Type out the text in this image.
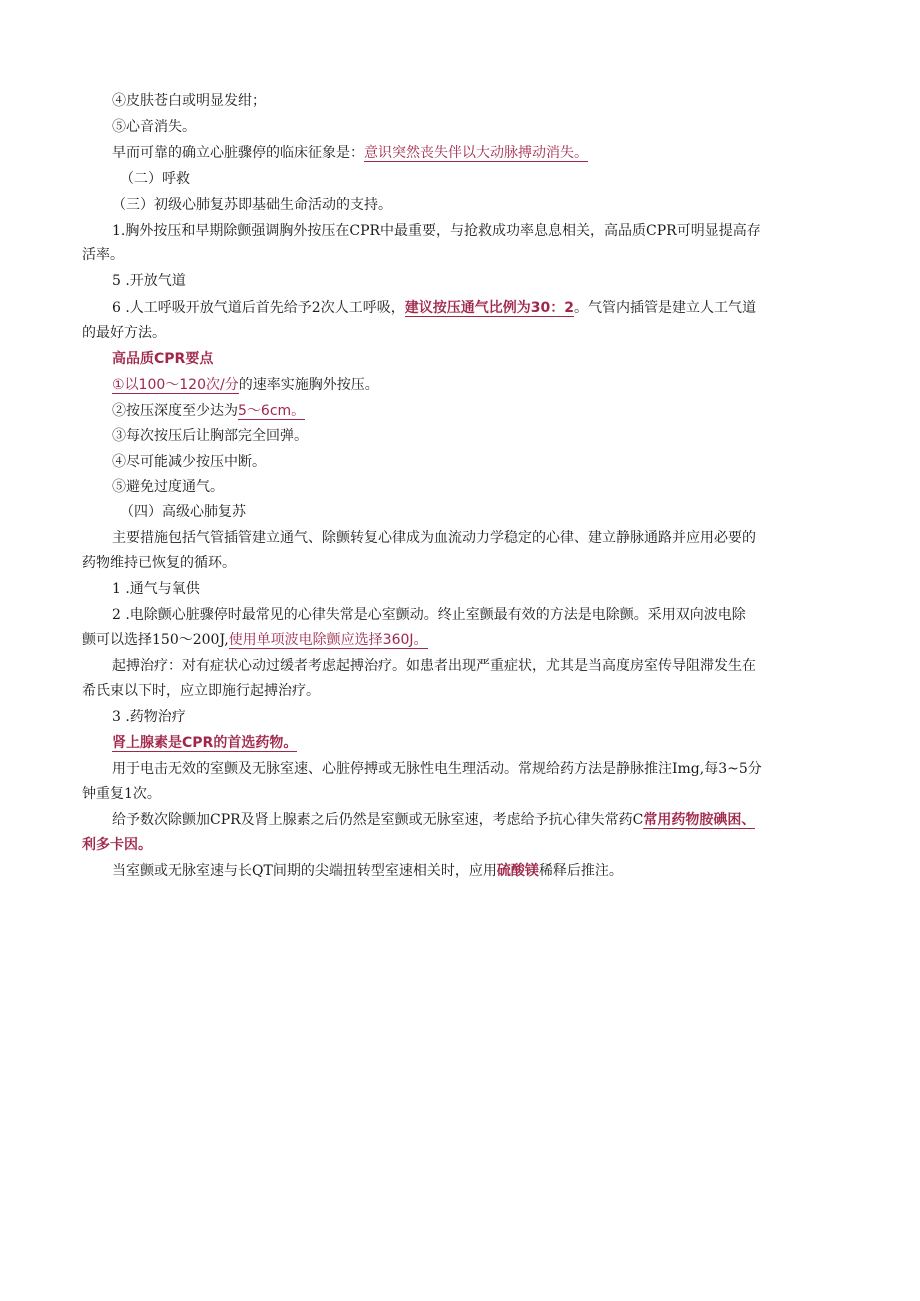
④皮肤苍白或明显发绀；
⑤心音消失。
早而可靠的确立心脏骤停的临床征象是：意识突然丧失伴以大动脉搏动消失。
（二）呼救
（三）初级心肺复苏即基础生命活动的支持。
1.胸外按压和早期除颤强调胸外按压在CPR中最重要，与抢救成功率息息相关，高品质CPR可明显提高存
活率。
5 .开放气道
6 .人工呼吸开放气道后首先给予2次人工呼吸，建议按压通气比例为30：2。气管内插管是建立人工气道
的最好方法。
高品质CPR要点
①以100～120次/分的速率实施胸外按压。
②按压深度至少达为5～6cm。
③每次按压后让胸部完全回弹。
④尽可能减少按压中断。
⑤避免过度通气。
（四）高级心肺复苏
主要措施包括气管插管建立通气、除颤转复心律成为血流动力学稳定的心律、建立静脉通路并应用必要的
药物维持已恢复的循环。
1 .通气与氧供
2 .电除颤心脏骤停时最常见的心律失常是心室颤动。终止室颤最有效的方法是电除颤。采用双向波电除
颤可以选择150～200J,使用单项波电除颤应选择360J。
起搏治疗：对有症状心动过缓者考虑起搏治疗。如患者出现严重症状，尤其是当高度房室传导阻滞发生在
希氏束以下时，应立即施行起搏治疗。
3 .药物治疗
肾上腺素是CPR的首选药物。
用于电击无效的室颤及无脉室速、心脏停搏或无脉性电生理活动。常规给药方法是静脉推注Img,每3~5分
钟重复1次。
给予数次除颤加CPR及肾上腺素之后仍然是室颤或无脉室速，考虑给予抗心律失常药C常用药物胺碘困、
利多卡因。
当室颤或无脉室速与长QT间期的尖端扭转型室速相关时，应用硫酸镁稀释后推注。
